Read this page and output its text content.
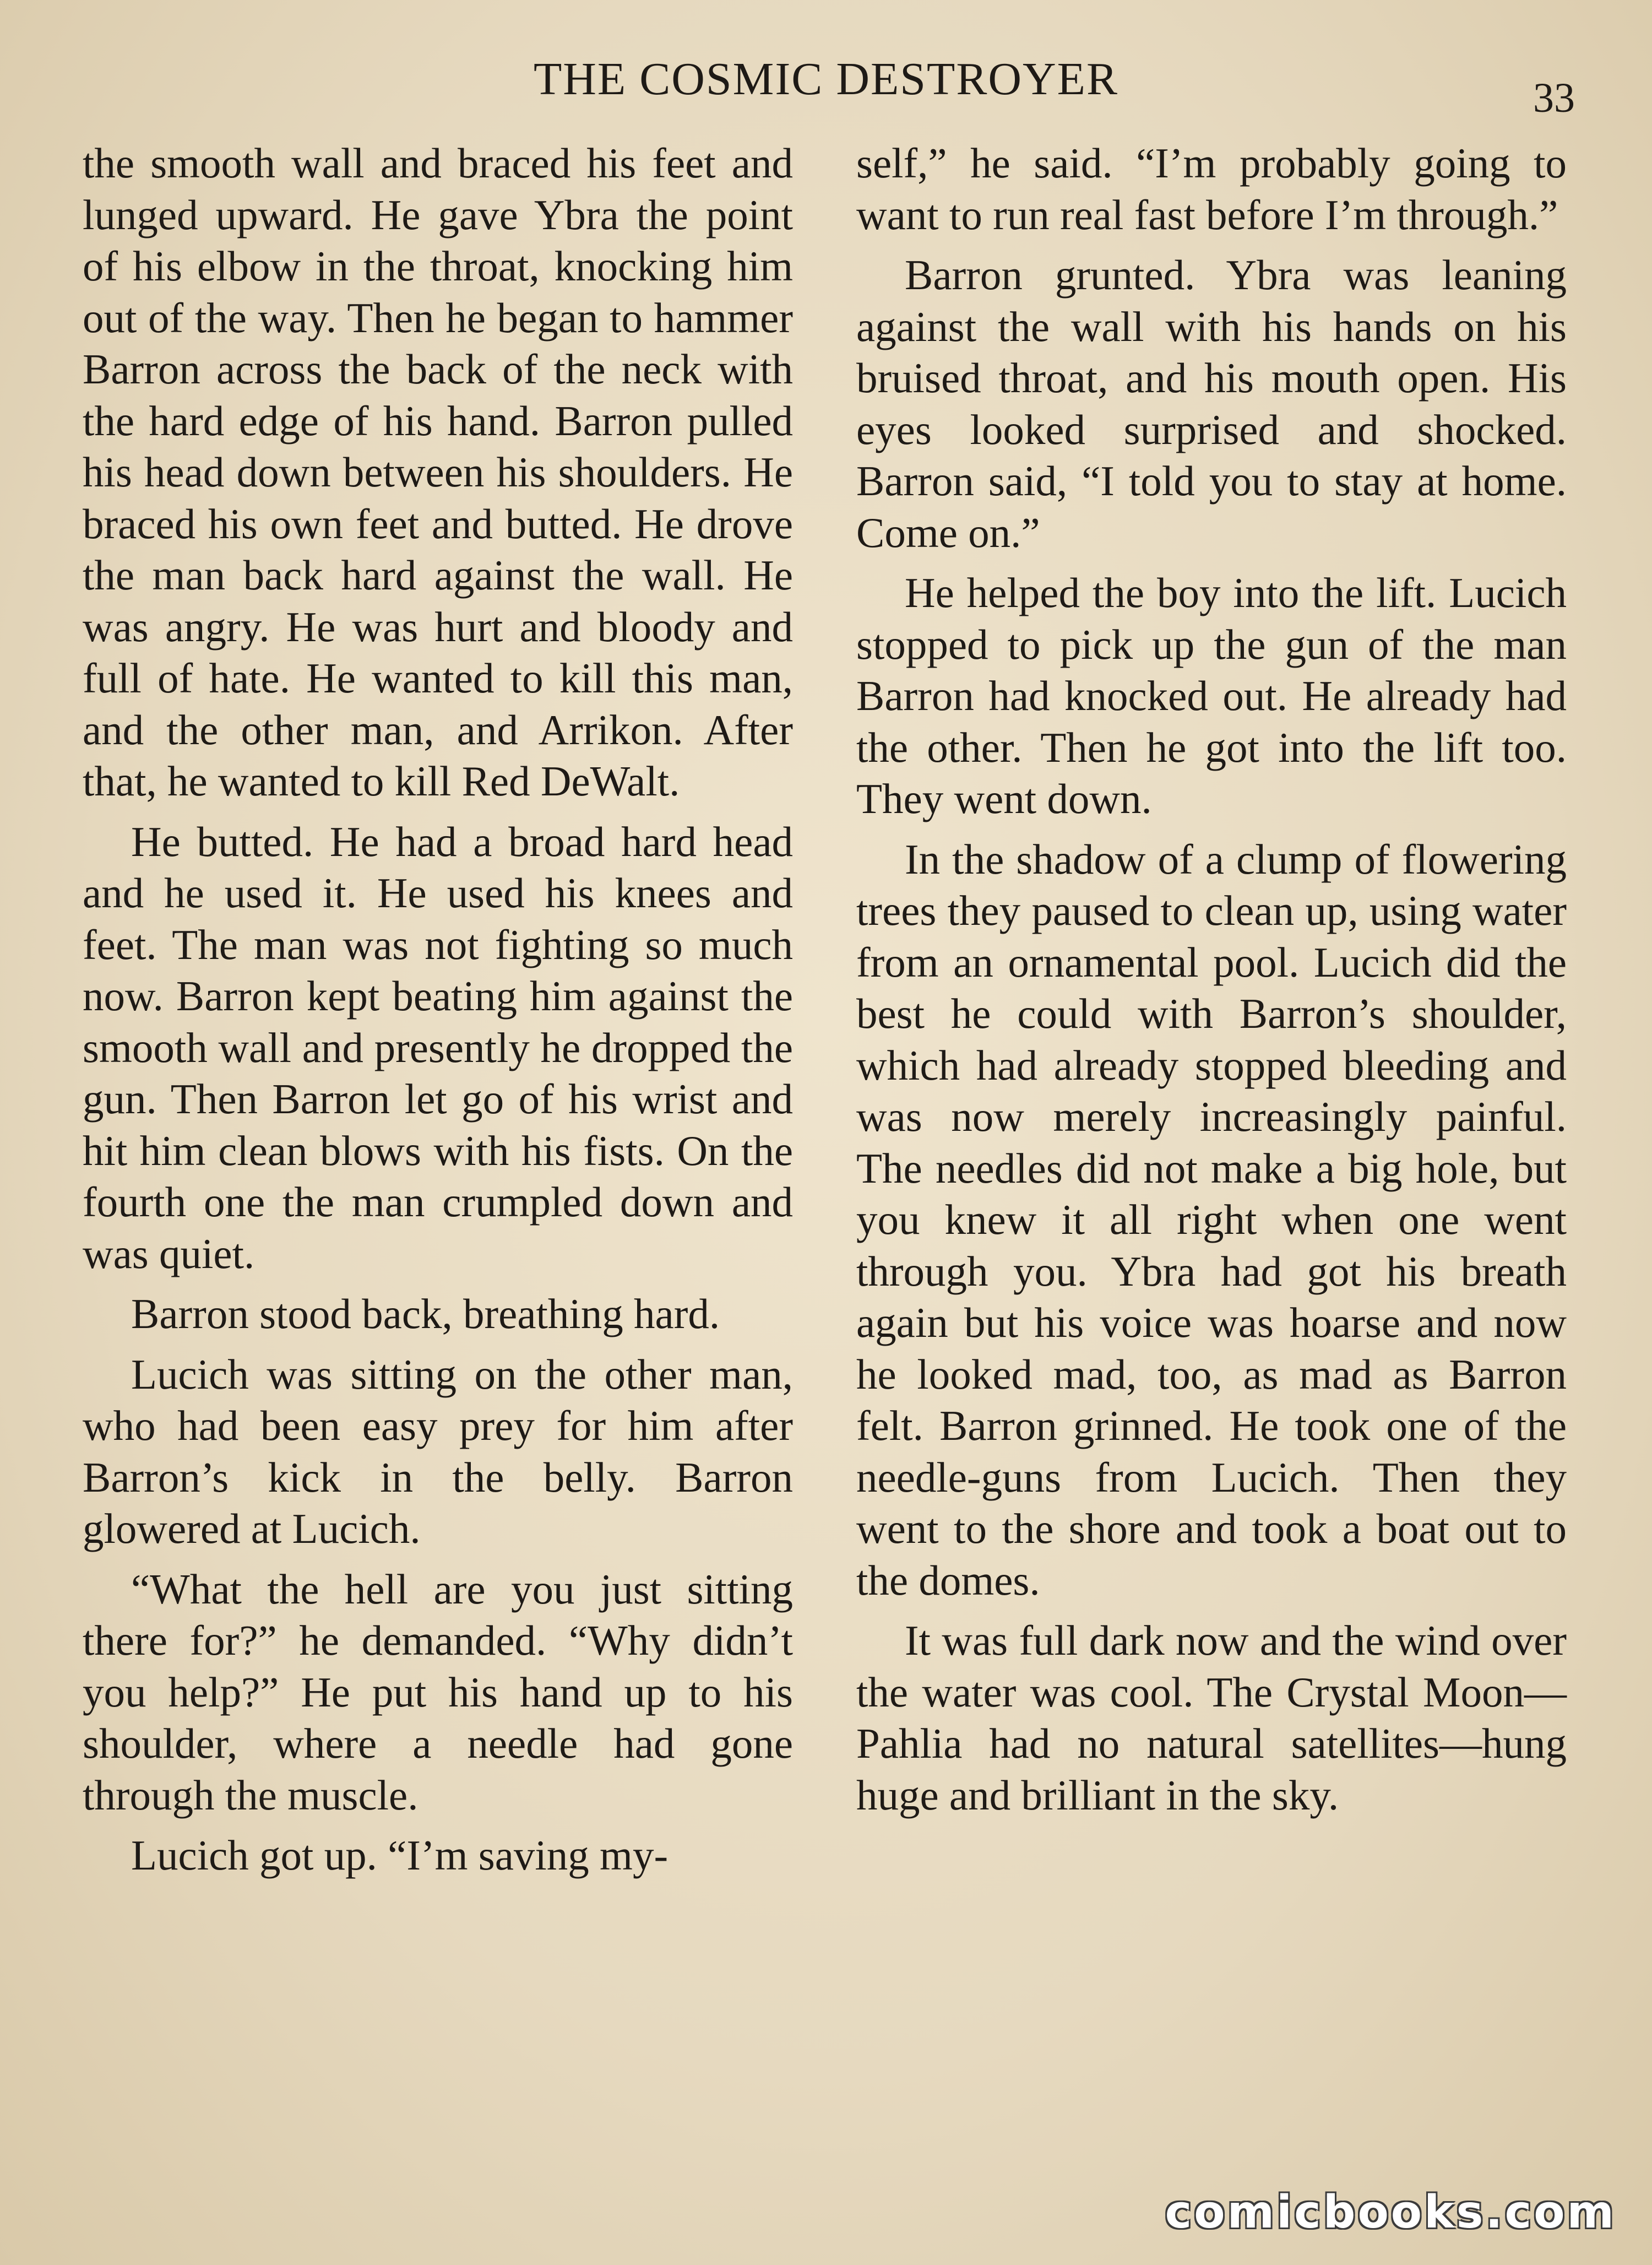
THE COSMIC DESTROYER	33

the smooth wall and braced his feet and lunged upward. He gave Ybra the point of his elbow in the throat, knocking him out of the way. Then he began to hammer Barron across the back of the neck with the hard edge of his hand. Barron pulled his head down between his shoulders. He braced his own feet and butted. He drove the man back hard against the wall. He was angry. He was hurt and bloody and full of hate. He wanted to kill this man, and the other man, and Arrikon. After that, he wanted to kill Red DeWalt.

He butted. He had a broad hard head and he used it. He used his knees and feet. The man was not fighting so much now. Barron kept beating him against the smooth wall and presently he dropped the gun. Then Barron let go of his wrist and hit him clean blows with his fists. On the fourth one the man crumpled down and was quiet.

Barron stood back, breathing hard.

Lucich was sitting on the other man, who had been easy prey for him after Barron’s kick in the belly. Barron glowered at Lucich.

“What the hell are you just sitting there for?” he demanded. “Why didn’t you help?” He put his hand up to his shoulder, where a needle had gone through the muscle.

Lucich got up. “I’m saving my-

self,” he said. “I’m probably going to want to run real fast before I’m through.”

Barron grunted. Ybra was leaning against the wall with his hands on his bruised throat, and his mouth open. His eyes looked surprised and shocked. Barron said, “I told you to stay at home. Come on.”

He helped the boy into the lift. Lucich stopped to pick up the gun of the man Barron had knocked out. He already had the other. Then he got into the lift too. They went down.

In the shadow of a clump of flowering trees they paused to clean up, using water from an ornamental pool. Lucich did the best he could with Barron’s shoulder, which had already stopped bleeding and was now merely increasingly painful. The needles did not make a big hole, but you knew it all right when one went through you. Ybra had got his breath again but his voice was hoarse and now he looked mad, too, as mad as Barron felt. Barron grinned. He took one of the needle-guns from Lucich. Then they went to the shore and took a boat out to the domes.

It was full dark now and the wind over the water was cool. The Crystal Moon—Pahlia had no natural satellites—hung huge and brilliant in the sky.

comicbooks.com
